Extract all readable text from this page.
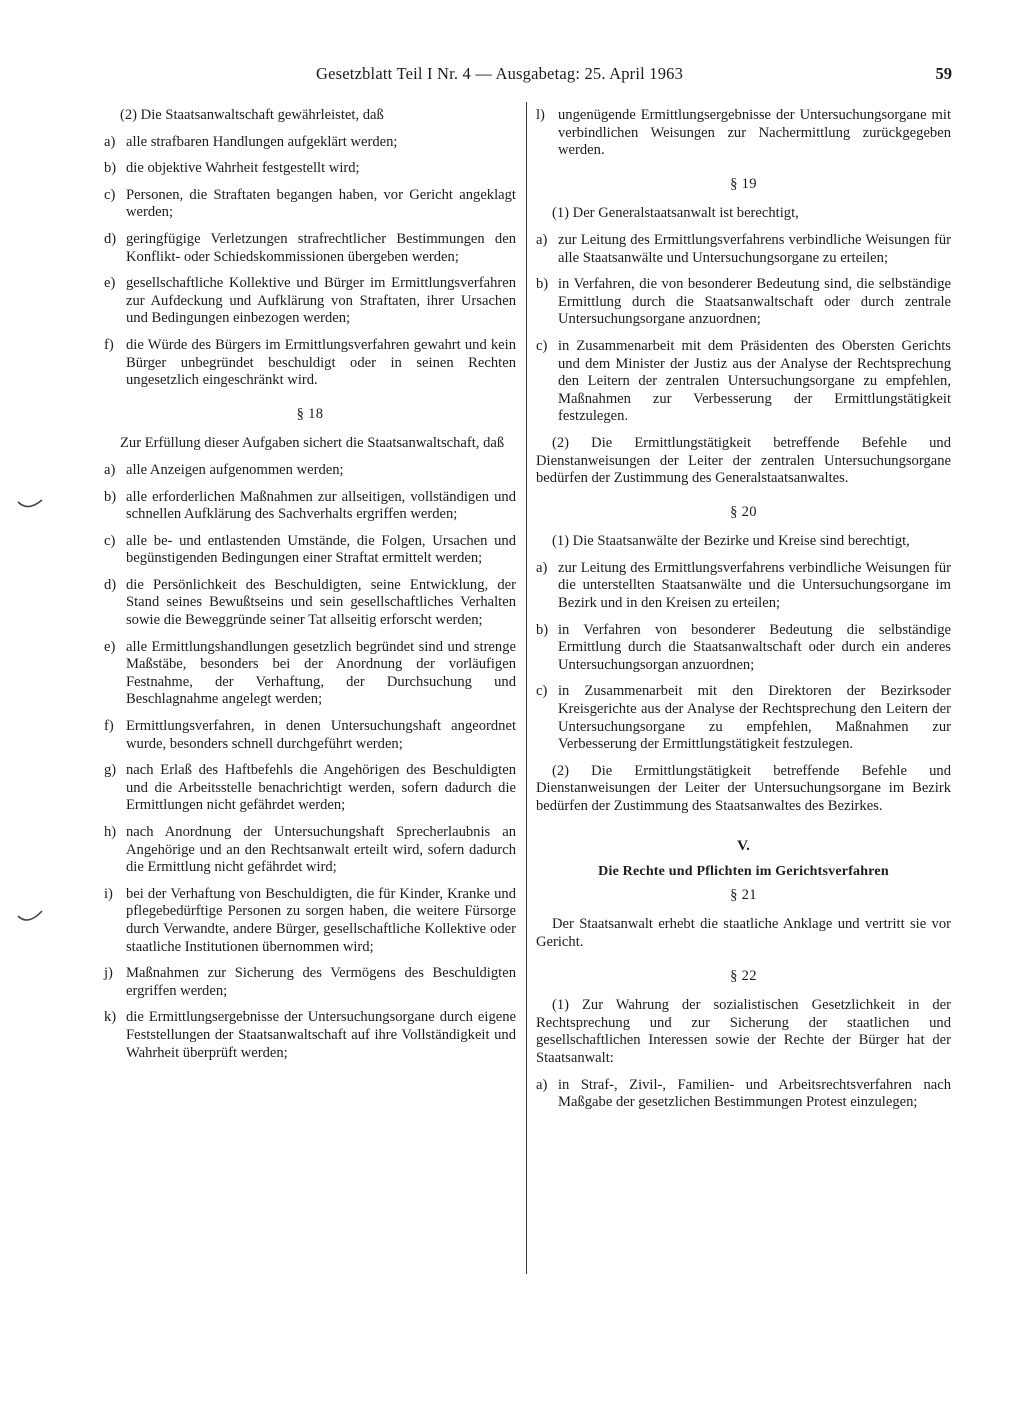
Gesetzblatt Teil I Nr. 4 — Ausgabetag: 25. April 1963	59

(2) Die Staatsanwaltschaft gewährleistet, daß

a) alle strafbaren Handlungen aufgeklärt werden;
b) die objektive Wahrheit festgestellt wird;
c) Personen, die Straftaten begangen haben, vor Gericht angeklagt werden;
d) geringfügige Verletzungen strafrechtlicher Bestimmungen den Konflikt- oder Schiedskommissionen übergeben werden;
e) gesellschaftliche Kollektive und Bürger im Ermittlungsverfahren zur Aufdeckung und Aufklärung von Straftaten, ihrer Ursachen und Bedingungen einbezogen werden;
f) die Würde des Bürgers im Ermittlungsverfahren gewahrt und kein Bürger unbegründet beschuldigt oder in seinen Rechten ungesetzlich eingeschränkt wird.

§ 18

Zur Erfüllung dieser Aufgaben sichert die Staatsanwaltschaft, daß

a) alle Anzeigen aufgenommen werden;
b) alle erforderlichen Maßnahmen zur allseitigen, vollständigen und schnellen Aufklärung des Sachverhalts ergriffen werden;
c) alle be- und entlastenden Umstände, die Folgen, Ursachen und begünstigenden Bedingungen einer Straftat ermittelt werden;
d) die Persönlichkeit des Beschuldigten, seine Entwicklung, der Stand seines Bewußtseins und sein gesellschaftliches Verhalten sowie die Beweggründe seiner Tat allseitig erforscht werden;
e) alle Ermittlungshandlungen gesetzlich begründet sind und strenge Maßstäbe, besonders bei der Anordnung der vorläufigen Festnahme, der Verhaftung, der Durchsuchung und Beschlagnahme angelegt werden;
f) Ermittlungsverfahren, in denen Untersuchungshaft angeordnet wurde, besonders schnell durchgeführt werden;
g) nach Erlaß des Haftbefehls die Angehörigen des Beschuldigten und die Arbeitsstelle benachrichtigt werden, sofern dadurch die Ermittlungen nicht gefährdet werden;
h) nach Anordnung der Untersuchungshaft Sprecherlaubnis an Angehörige und an den Rechtsanwalt erteilt wird, sofern dadurch die Ermittlung nicht gefährdet wird;
i) bei der Verhaftung von Beschuldigten, die für Kinder, Kranke und pflegebedürftige Personen zu sorgen haben, die weitere Fürsorge durch Verwandte, andere Bürger, gesellschaftliche Kollektive oder staatliche Institutionen übernommen wird;
j) Maßnahmen zur Sicherung des Vermögens des Beschuldigten ergriffen werden;
k) die Ermittlungsergebnisse der Untersuchungsorgane durch eigene Feststellungen der Staatsanwaltschaft auf ihre Vollständigkeit und Wahrheit überprüft werden;
l) ungenügende Ermittlungsergebnisse der Untersuchungsorgane mit verbindlichen Weisungen zur Nachermittlung zurückgegeben werden.

§ 19

(1) Der Generalstaatsanwalt ist berechtigt,

a) zur Leitung des Ermittlungsverfahrens verbindliche Weisungen für alle Staatsanwälte und Untersuchungsorgane zu erteilen;
b) in Verfahren, die von besonderer Bedeutung sind, die selbständige Ermittlung durch die Staatsanwaltschaft oder durch zentrale Untersuchungsorgane anzuordnen;
c) in Zusammenarbeit mit dem Präsidenten des Obersten Gerichts und dem Minister der Justiz aus der Analyse der Rechtsprechung den Leitern der zentralen Untersuchungsorgane zu empfehlen, Maßnahmen zur Verbesserung der Ermittlungstätigkeit festzulegen.

(2) Die Ermittlungstätigkeit betreffende Befehle und Dienstanweisungen der Leiter der zentralen Untersuchungsorgane bedürfen der Zustimmung des Generalstaatsanwaltes.

§ 20

(1) Die Staatsanwälte der Bezirke und Kreise sind berechtigt,

a) zur Leitung des Ermittlungsverfahrens verbindliche Weisungen für die unterstellten Staatsanwälte und die Untersuchungsorgane im Bezirk und in den Kreisen zu erteilen;
b) in Verfahren von besonderer Bedeutung die selbständige Ermittlung durch die Staatsanwaltschaft oder durch ein anderes Untersuchungsorgan anzuordnen;
c) in Zusammenarbeit mit den Direktoren der Bezirksoder Kreisgerichte aus der Analyse der Rechtsprechung den Leitern der Untersuchungsorgane zu empfehlen, Maßnahmen zur Verbesserung der Ermittlungstätigkeit festzulegen.

(2) Die Ermittlungstätigkeit betreffende Befehle und Dienstanweisungen der Leiter der Untersuchungsorgane im Bezirk bedürfen der Zustimmung des Staatsanwaltes des Bezirkes.

V.

Die Rechte und Pflichten im Gerichtsverfahren

§ 21

Der Staatsanwalt erhebt die staatliche Anklage und vertritt sie vor Gericht.

§ 22

(1) Zur Wahrung der sozialistischen Gesetzlichkeit in der Rechtsprechung und zur Sicherung der staatlichen und gesellschaftlichen Interessen sowie der Rechte der Bürger hat der Staatsanwalt:

a) in Straf-, Zivil-, Familien- und Arbeitsrechtsverfahren nach Maßgabe der gesetzlichen Bestimmungen Protest einzulegen;
